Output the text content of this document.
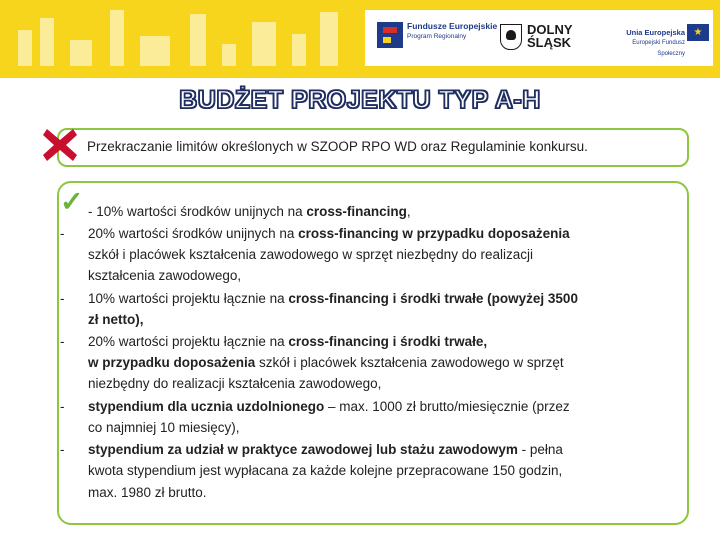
Fundusze Europejskie
Program Regionalny	DOLNY
ŚLĄSK
Unia Europejska
Europejski Fundusz Społeczny
★
BUDŻET PROJEKTU TYP A-H
Przekraczanie limitów określonych w SZOOP RPO WD oraz Regulaminie konkursu.
✓ - 10% wartości środków unijnych na cross-financing,
- 20% wartości środków unijnych na cross-financing w przypadku doposażenia
szkół i placówek kształcenia zawodowego w sprzęt niezbędny do realizacji
kształcenia zawodowego,
- 10% wartości projektu łącznie na cross-financing i środki trwałe (powyżej 3500
zł netto),
- 20% wartości projektu łącznie na cross-financing i środki trwałe,
w przypadku doposażenia szkół i placówek kształcenia zawodowego w sprzęt
niezbędny do realizacji kształcenia zawodowego,
- stypendium dla ucznia uzdolnionego – max. 1000 zł brutto/miesięcznie (przez
co najmniej 10 miesięcy),
- stypendium za udział w praktyce zawodowej lub stażu zawodowym - pełna
kwota stypendium jest wypłacana za każde kolejne przepracowane 150 godzin,
max. 1980 zł brutto.
